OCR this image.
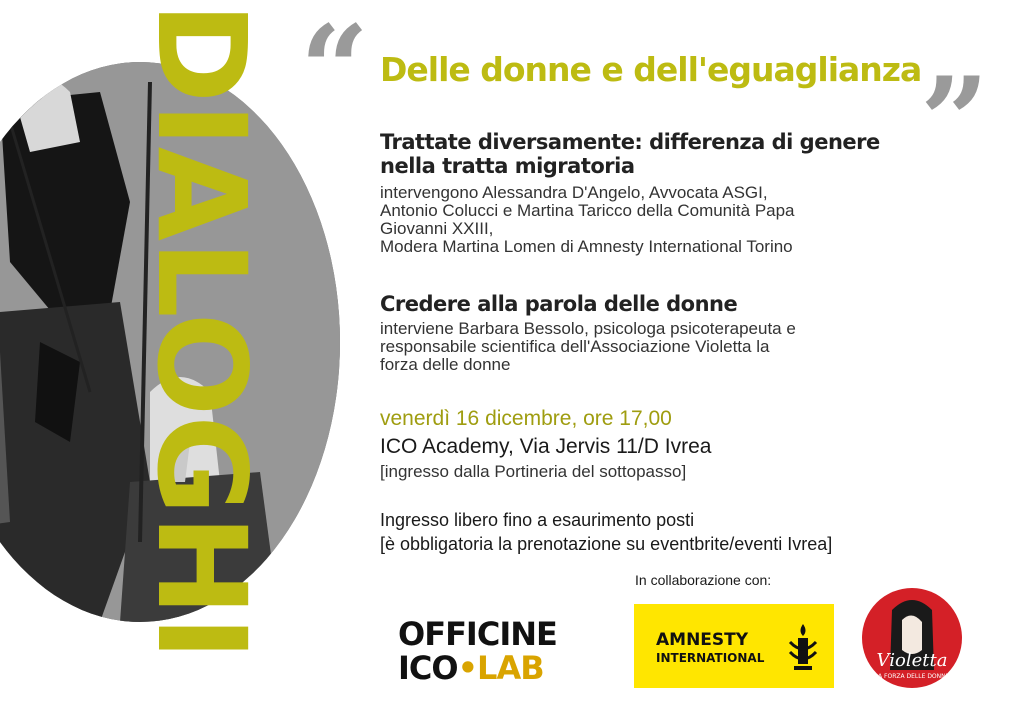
DIALOGHI “	”
Delle donne e dell'eguaglianza
Trattate diversamente: differenza di genere
nella tratta migratoria
intervengono Alessandra D'Angelo, Avvocata ASGI,
Antonio Colucci e Martina Taricco della Comunità Papa
Giovanni XXIII,
Modera Martina Lomen di Amnesty International Torino
Credere alla parola delle donne
interviene Barbara Bessolo, psicologa psicoterapeuta e
responsabile scientifica dell'Associazione Violetta la
forza delle donne
venerdì 16 dicembre, ore 17,00
ICO Academy, Via Jervis 11/D Ivrea
[ingresso dalla Portineria del sottopasso]
Ingresso libero fino a esaurimento posti
[è obbligatoria la prenotazione su eventbrite/eventi Ivrea]
In collaborazione con:
OFFICINE
ICO•LAB
AMNESTY
INTERNATIONAL	Violetta
LA FORZA DELLE DONNE
